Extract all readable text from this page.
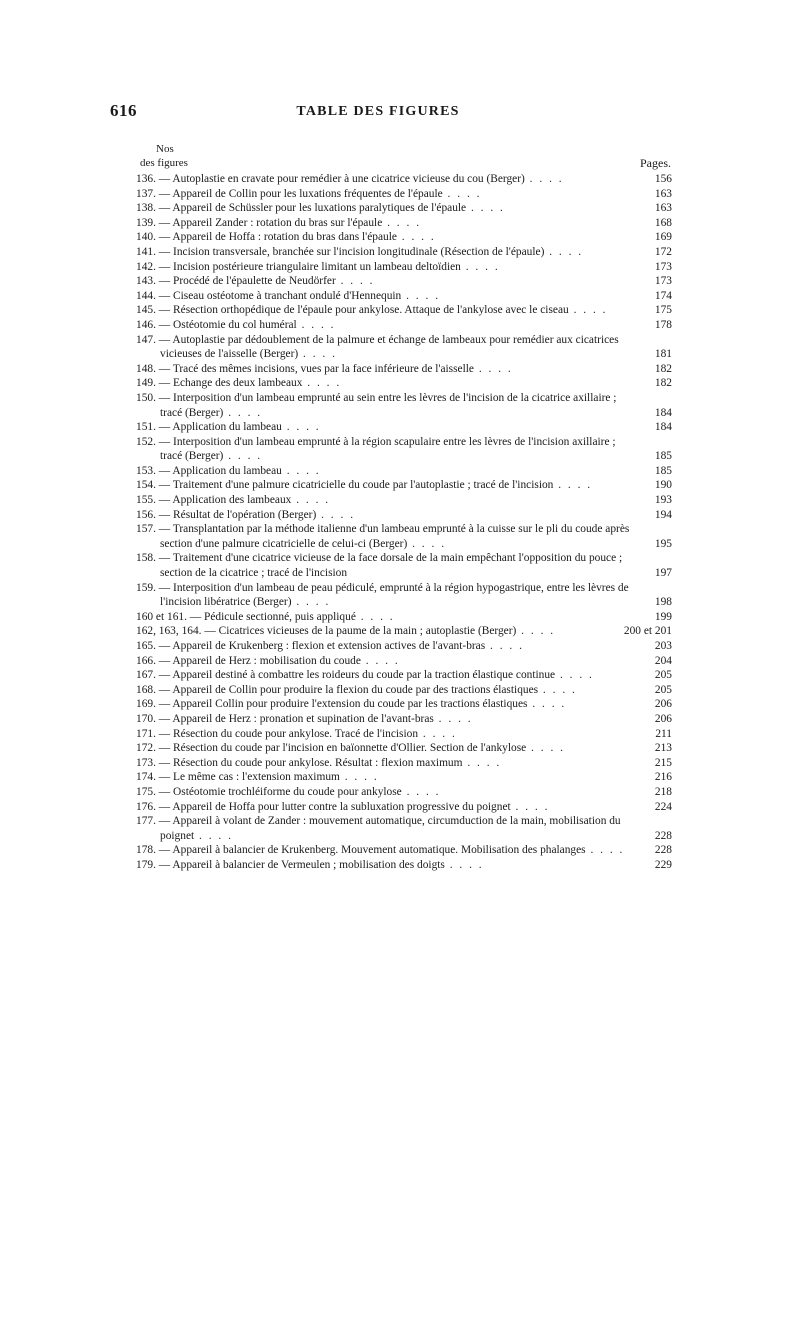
616	TABLE DES FIGURES
Nos
des figures	Pages.
136. — Autoplastie en cravate pour remédier à une cicatrice vicieuse du cou (Berger) . . . .	156
137. — Appareil de Collin pour les luxations fréquentes de l'épaule . . . .	163
138. — Appareil de Schüssler pour les luxations paralytiques de l'épaule . . . .	163
139. — Appareil Zander : rotation du bras sur l'épaule . . . .	168
140. — Appareil de Hoffa : rotation du bras dans l'épaule . . . .	169
141. — Incision transversale, branchée sur l'incision longitudinale (Résection de l'épaule) . . . .	172
142. — Incision postérieure triangulaire limitant un lambeau deltoïdien . . . .	173
143. — Procédé de l'épaulette de Neudörfer . . . .	173
144. — Ciseau ostéotome à tranchant ondulé d'Hennequin . . . .	174
145. — Résection orthopédique de l'épaule pour ankylose. Attaque de l'ankylose avec le ciseau . . . .	175
146. — Ostéotomie du col huméral . . . .	178
147. — Autoplastie par dédoublement de la palmure et échange de lambeaux pour remédier aux cicatrices vicieuses de l'aisselle (Berger) . . . .	181
148. — Tracé des mêmes incisions, vues par la face inférieure de l'aisselle . . . .	182
149. — Echange des deux lambeaux . . . .	182
150. — Interposition d'un lambeau emprunté au sein entre les lèvres de l'incision de la cicatrice axillaire ; tracé (Berger) . . . .	184
151. — Application du lambeau . . . .	184
152. — Interposition d'un lambeau emprunté à la région scapulaire entre les lèvres de l'incision axillaire ; tracé (Berger) . . . .	185
153. — Application du lambeau . . . .	185
154. — Traitement d'une palmure cicatricielle du coude par l'autoplastie ; tracé de l'incision . . . .	190
155. — Application des lambeaux . . . .	193
156. — Résultat de l'opération (Berger) . . . .	194
157. — Transplantation par la méthode italienne d'un lambeau emprunté à la cuisse sur le pli du coude après section d'une palmure cicatricielle de celui-ci (Berger) . . . .	195
158. — Traitement d'une cicatrice vicieuse de la face dorsale de la main empêchant l'opposition du pouce ; section de la cicatrice ; tracé de l'incision	197
159. — Interposition d'un lambeau de peau pédiculé, emprunté à la région hypogastrique, entre les lèvres de l'incision libératrice (Berger) . . . .	198
160 et 161. — Pédicule sectionné, puis appliqué . . . .	199
162, 163, 164. — Cicatrices vicieuses de la paume de la main ; autoplastie (Berger) . . . .	200 et 201
165. — Appareil de Krukenberg : flexion et extension actives de l'avant-bras . . . .	203
166. — Appareil de Herz : mobilisation du coude . . . .	204
167. — Appareil destiné à combattre les roideurs du coude par la traction élastique continue . . . .	205
168. — Appareil de Collin pour produire la flexion du coude par des tractions élastiques . . . .	205
169. — Appareil Collin pour produire l'extension du coude par les tractions élastiques . . . .	206
170. — Appareil de Herz : pronation et supination de l'avant-bras . . . .	206
171. — Résection du coude pour ankylose. Tracé de l'incision . . . .	211
172. — Résection du coude par l'incision en baïonnette d'Ollier. Section de l'ankylose . . . .	213
173. — Résection du coude pour ankylose. Résultat : flexion maximum . . . .	215
174. — Le même cas : l'extension maximum . . . .	216
175. — Ostéotomie trochléiforme du coude pour ankylose . . . .	218
176. — Appareil de Hoffa pour lutter contre la subluxation progressive du poignet . . . .	224
177. — Appareil à volant de Zander : mouvement automatique, circumduction de la main, mobilisation du poignet . . . .	228
178. — Appareil à balancier de Krukenberg. Mouvement automatique. Mobilisation des phalanges . . . .	228
179. — Appareil à balancier de Vermeulen ; mobilisation des doigts . . . .	229
